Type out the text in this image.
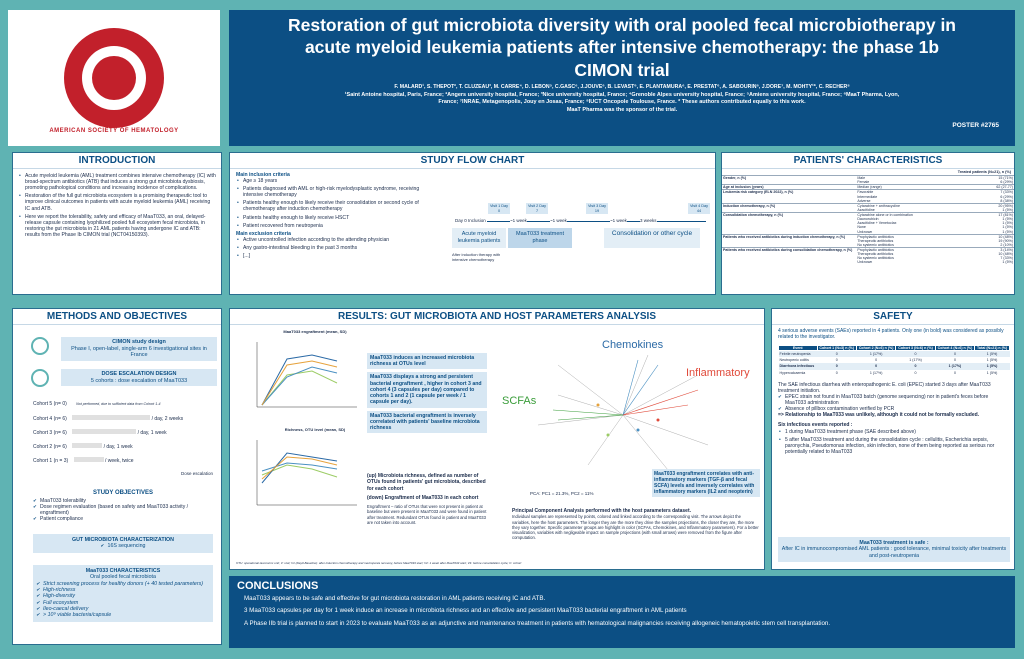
AMERICAN SOCIETY OF HEMATOLOGY
Restoration of gut microbiota diversity with oral pooled fecal microbiotherapy in acute myeloid leukemia patients after intensive chemotherapy: the phase 1b CIMON trial
F. MALARD¹, S. THEPOT², T. CLUZEAU³, M. CARRE⁴, D. LEBON⁵, C.GASC⁶, J.JOUVE⁶, B. LEVAST⁶, E. PLANTAMURA⁶, E. PRESTAT⁶, A. SABOURIN⁶, J.DORE⁷, M. MOHTY¹*, C. RECHER⁸
¹Saint Antoine hospital, Paris, France; ²Angers university hospital, France; ³Nice university hospital, France; ⁴Grenoble Alpes university hospital, France; ⁵Amiens university hospital, France; ⁶MaaT Pharma, Lyon, France; ⁷INRAE, Metagenopolis, Jouy en Josas, France; ⁸IUCT Oncopole Toulouse, France. * These authors contributed equally to this work.
MaaT Pharma was the sponsor of the trial.
POSTER #2765
INTRODUCTION
• Acute myeloid leukemia (AML) treatment combines intensive chemotherapy (IC) with broad-spectrum antibiotics (ATB) that induces a strong gut microbiota dysbiosis, promoting pathological conditions and increasing incidence of complications.
• Restoration of the full gut microbiota ecosystem is a promising therapeutic tool to improve clinical outcomes in patients with acute myeloid leukemia (AML) receiving IC and ATB.
• Here we report the tolerability, safety and efficacy of MaaT033, an oral, delayed-release capsule containing lyophilized pooled full ecosystem fecal microbiota, in restoring the gut microbiota in 21 AML patients having undergone IC and ATB: results from the Phase Ib CIMON trial (NCT04150393).
STUDY FLOW CHART
Main inclusion criteria
• Age ≥ 18 years
• Patients diagnosed with AML or high-risk myelodysplastic syndrome, receiving intensive chemotherapy
• Patients healthy enough to likely receive their consolidation or second cycle of chemotherapy after induction chemotherapy
• Patients healthy enough to likely receive HSCT
• Patient recovered from neutropenia
Main exclusion criteria
• Active uncontrolled infection according to the attending physician
• Any gastro-intestinal bleeding in the past 3 months
• [...]
Visit 1 Day 0
Visit 2 Day 7
Visit 3 Day 19
Visit 4 Day 44
Day 0 Inclusion	~1 week	~1 week	~1 week	3 weeks
Acute myeloid leukemia patients
MaaT033 treatment phase
Consolidation or other cycle
After induction therapy with intensive chemotherapy
PATIENTS' CHARACTERISTICS
Treated patients (N=21), n (%)
Gender, n (%)	Male	15 (71%)
	Female	6 (29%)
Age at inclusion (years)	Median (range)	62 (27-77)
Leukemia risk category (ELN 2022), n (%)	Favorable	7 (33%)
	Intermediate	6 (29%)
	Adverse	8 (38%)
Induction chemotherapy, n (%)	Cytarabine + anthracycline	20 (95%)
	Azacitidine	1 (5%)
Consolidation chemotherapy, n (%)	Cytarabine alone or in combination	17 (81%)
	Daunorubicin	1 (5%)
	Azacitidine + Venetoclax	1 (5%)
	None	1 (5%)
	Unknown	1 (5%)
Patients who received antibiotics during induction chemotherapy, n (%)	Prophylactic antibiotics	10 (48%)
	Therapeutic antibiotics	19 (90%)
	No systemic antibiotics	2 (10%)
Patients who received antibiotics during consolidation chemotherapy, n (%)	Prophylactic antibiotics	3 (14%)
	Therapeutic antibiotics	10 (48%)
	No systemic antibiotics	7 (33%)
	Unknown	1 (5%)
METHODS AND OBJECTIVES
CIMON study design
Phase I, open-label, single-arm 6 investigational sites in France
DOSE ESCALATION DESIGN
5 cohorts : dose escalation of MaaT033
Cohort 5 (n= 0)	Not performed, due to sufficient data from Cohort 1-4
Cohort 4 (n= 6)	/ day, 2 weeks
Cohort 3 (n= 6)	/ day, 1 week
Cohort 2 (n= 6)	/ day, 1 week
Cohort 1 (n = 3)	/ week, twice
Dose escalation
STUDY OBJECTIVES
✔ MaaT033 tolerability
✔ Dose regimen evaluation (based on safety and MaaT033 activity / engraftment)
✔ Patient compliance
GUT MICROBIOTA CHARACTERIZATION
✔ 16S sequencing
MaaT033 CHARACTERISTICS
Oral pooled fecal microbiota
✔ Strict screening process for healthy donors (+ 40 tested parameters)
✔ High-richness
✔ High-diversity
✔ Full ecosystem
✔ Ileo-caecal delivery
✔ > 10⁹ viable bacteria/capsule
RESULTS: GUT MICROBIOTA AND HOST PARAMETERS ANALYSIS
MaaT033 engraftment (mean, SD)
Richness, OTU level (mean, SD)
MaaT033 induces an increased microbiota richness at OTUs level
MaaT033 displays a strong and persistent bacterial engraftment , higher in cohort 3 and cohort 4 (3 capsules per day) compared to cohorts 1 and 2 (1 capsule per week / 1 capsule per day).
MaaT033 bacterial engraftment is inversely correlated with patients' baseline microbiota richness
(up) Microbiota richness, defined as number of OTUs found in patients' gut microbiota, described for each cohort
(down) Engraftment of MaaT033 in each cohort
Engraftment – ratio of OTUs that were not present in patient at baseline but were present in MaaT033 and were found in patient after treatment. Redundant OTUs found in patient and MaaT033 are not taken into account.
Chemokines
SCFAs
Inflammatory
PCA: PC1 = 21.3%, PC2 = 11%
MaaT033 engraftment correlates with anti-inflammatory markers (TGF-β and fecal SCFA) levels and inversely correlates with inflammatory markers (IL2 and neopterin)
Principal Component Analysis performed with the host parameters dataset.
Individual samples are represented by points, colored and linked according to the corresponding visit. The arrows depict the variables, here the host parameters. The longer they are the more they drive the samples projections, the closer they are, the more they vary together. Specific parameter groups are highlight in color (SCFAs, Chemokines, and Inflammatory parameters). For a better visualization, variables with negligeable impact on sample projections (with small arrows) were removed from the figure after computation.
OTU: operational taxonomic unit; V: visit; V1 (Day0-Baseline): after induction chemotherapy and neutropenia recovery, before MaaT033 start; V2: 1 week after MaaT033 start; V4: before consolidation cycle; C: cohort
SAFETY
4 serious adverse events (SAEs) reported in 4 patients. Only one (in bold) was considered as possibly related to the investigator.
Event	Cohort 1 (N=3) n (%)	Cohort 2 (N=6) n (%)	Cohort 3 (N=6) n (%)	Cohort 4 (N=6) n (%)	Total (N=21) n (%)
Febrile neutropenia	0	1 (17%)	0	0	1 (5%)
Neutropenic colitis	0	0	1 (17%)	0	1 (5%)
Diarrhoea infectious	0	0	0	1 (17%)	1 (5%)
Hypercalcaemia	0	1 (17%)	0	0	1 (5%)
The SAE infectious diarrhea with enteropathogenic E. coli (EPEC) started 3 days after MaaT033 treatment initiation.
✔ EPEC strain not found in MaaT033 batch (genome sequencing) nor in patient's feces before MaaT033 administration
✔ Absence of pillbox contamination verified by PCR
=> Relationship to MaaT033 was unlikely, although it could not be formally excluded.
Six infectious events reported :
• 1 during MaaT033 treatment phase (SAE described above)
• 5 after MaaT033 treatment and during the consolidation cycle : cellulitis, Escherichia sepsis, paronychia, Pseudomonas infection, skin infection, none of them being reported as serious nor potentially related to MaaT033
MaaT033 treatment is safe :
After IC in immunocompromised AML patients : good tolerance, minimal toxicity after treatments and post-neutropenia
CONCLUSIONS
• MaaT033 appears to be safe and effective for gut microbiota restoration in AML patients receiving IC and ATB.
• 3 MaaT033 capsules per day for 1 week induce an increase in microbiota richness and an effective and persistent MaaT033 bacterial engraftment in AML patients
• A Phase IIb trial is planned to start in 2023 to evaluate MaaT033 as an adjunctive and maintenance treatment in patients with hematological malignancies receiving allogeneic hematopoietic stem cell transplantation.
